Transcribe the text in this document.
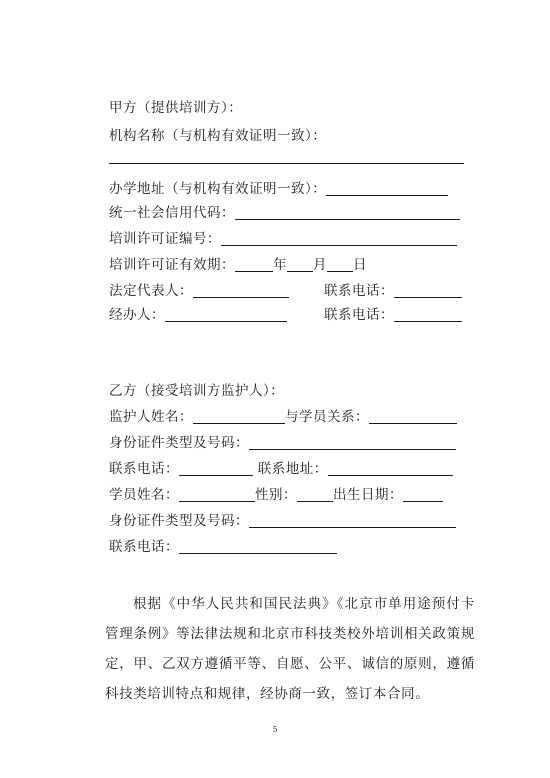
甲方（提供培训方）：
机构名称（与机构有效证明一致）：
办学地址（与机构有效证明一致）：
统一社会信用代码：
培训许可证编号：
培训许可证有效期：	年 月 日
法定代表人：	联系电话：
经办人：	联系电话：
乙方（接受培训方监护人）：
监护人姓名：	与学员关系：
身份证件类型及号码：
联系电话：	联系地址：
学员姓名：	性别：	出生日期：
身份证件类型及号码：
联系电话：
根据《中华人民共和国民法典》《北京市单用途预付卡管理条例》等法律法规和北京市科技类校外培训相关政策规定，甲、乙双方遵循平等、自愿、公平、诚信的原则，遵循科技类培训特点和规律，经协商一致，签订本合同。
5
